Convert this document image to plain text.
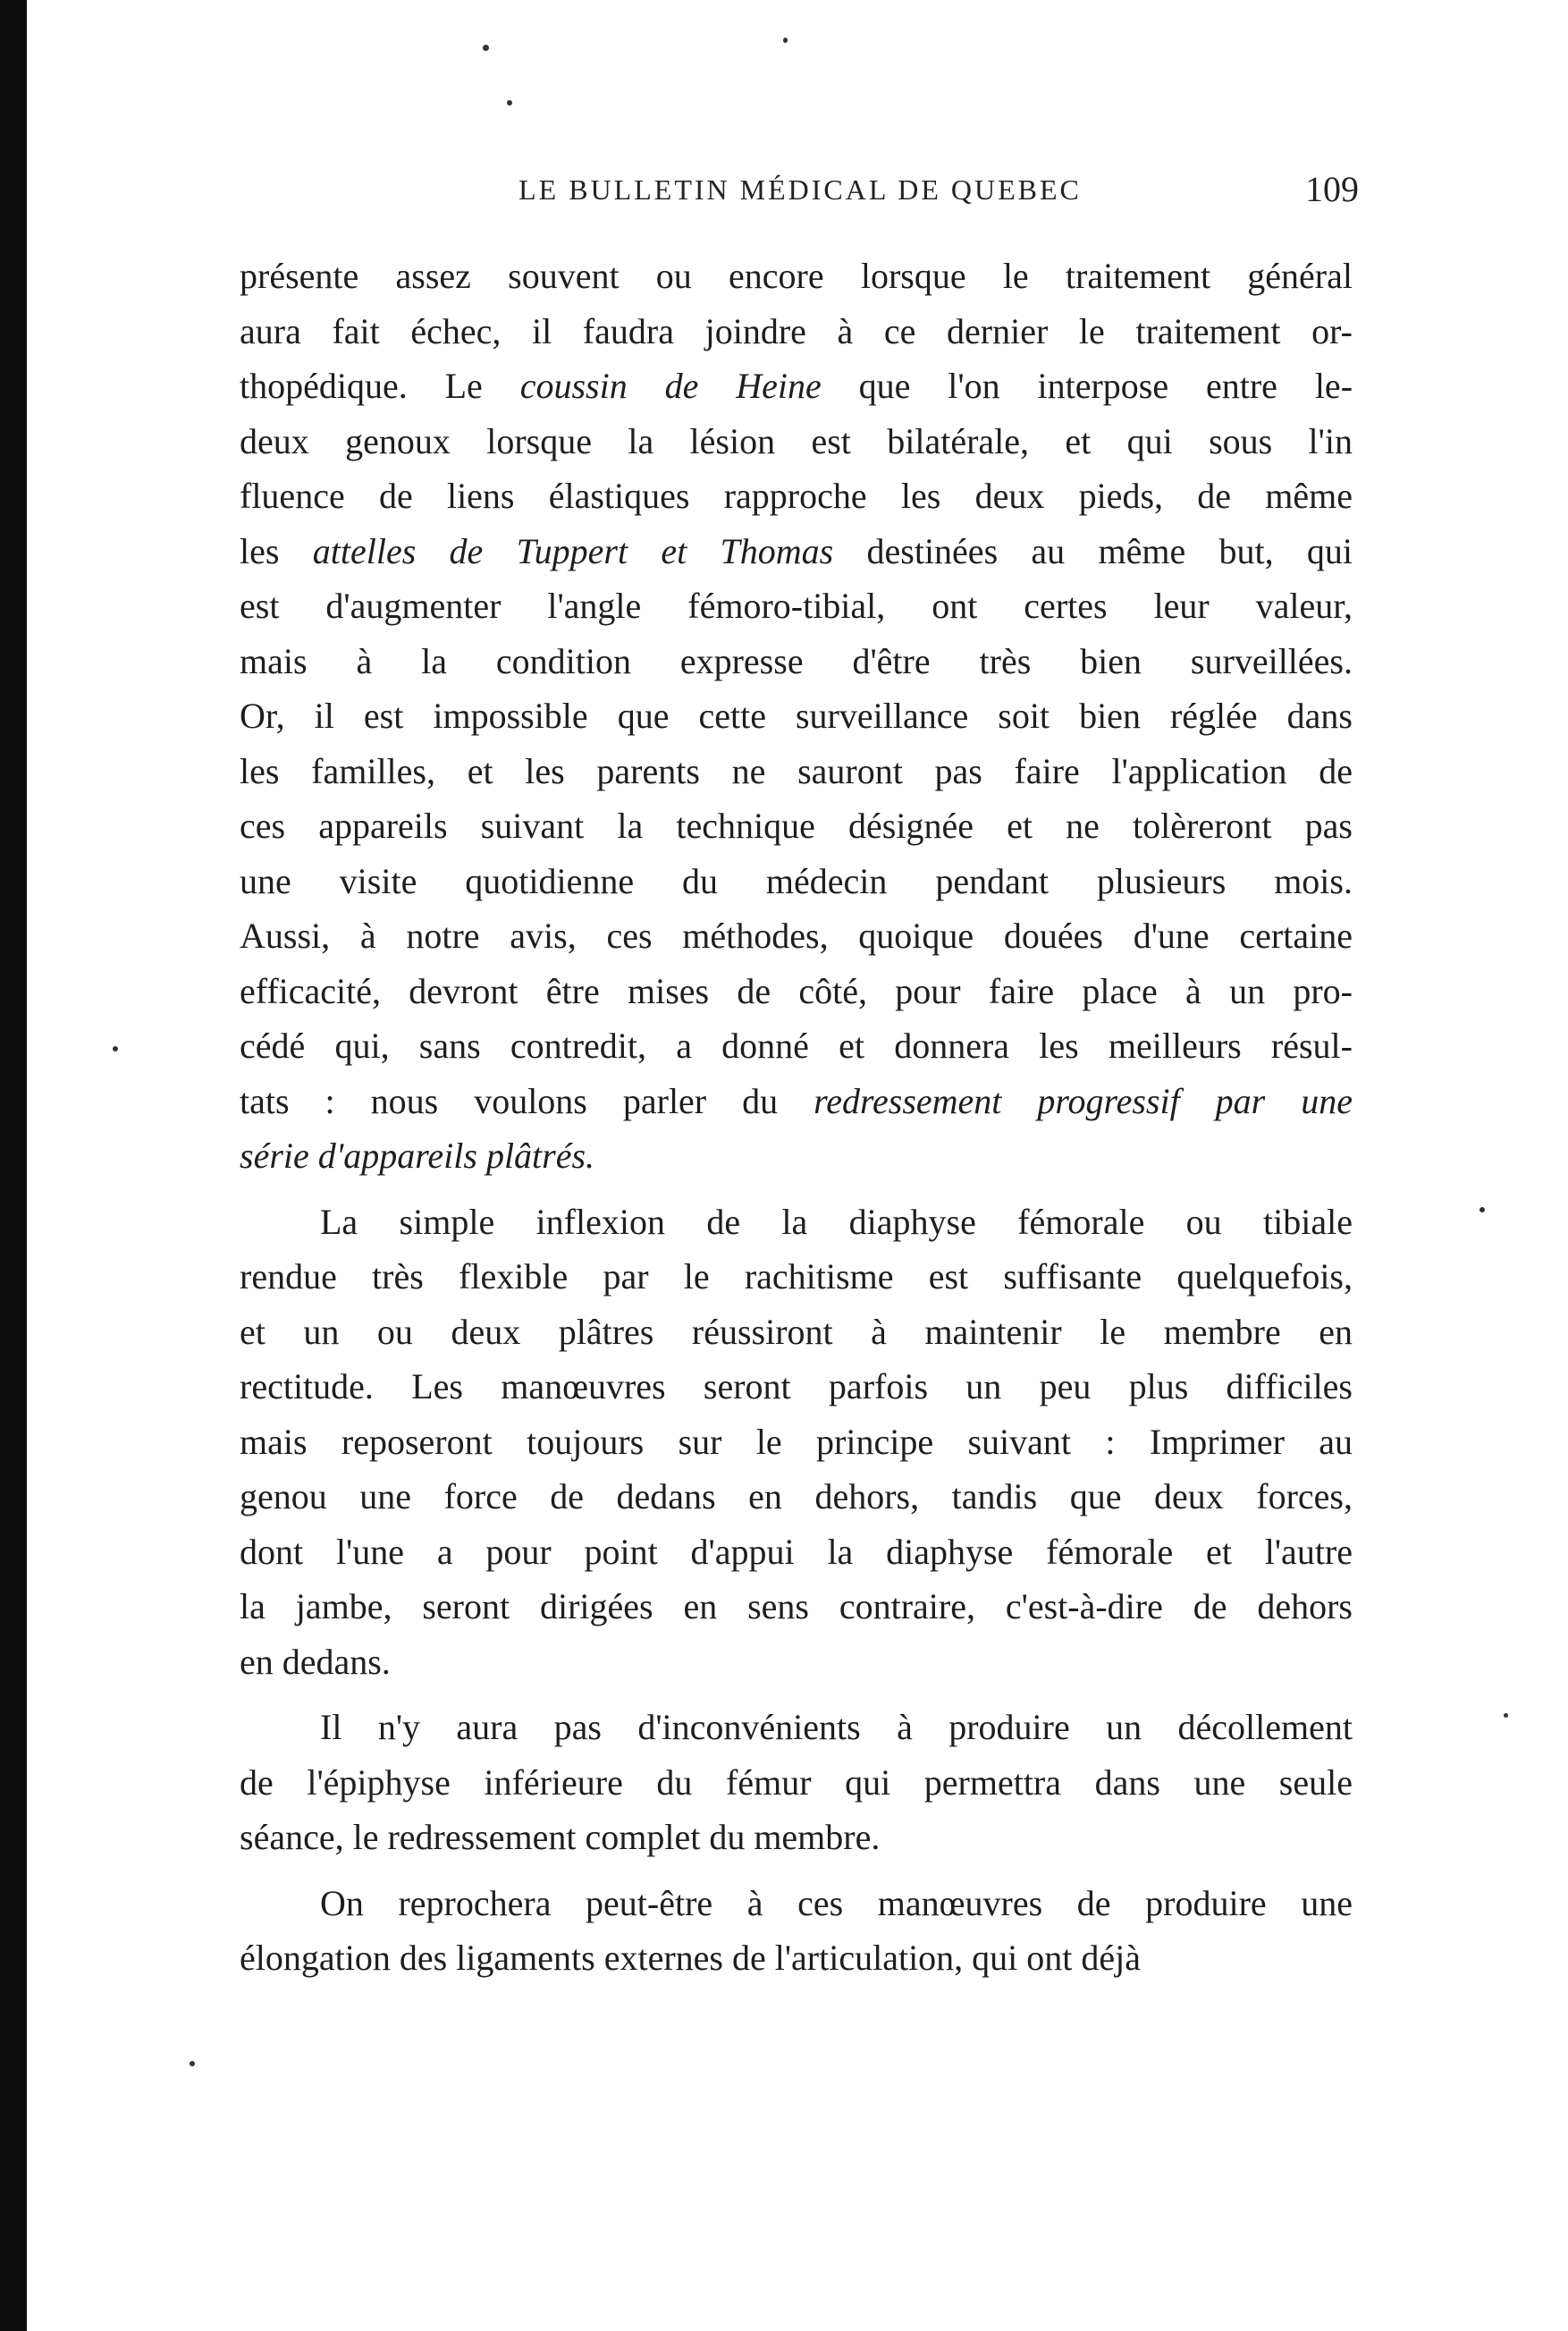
LE BULLETIN MÉDICAL DE QUEBEC	109
présente assez souvent ou encore lorsque le traitement général
aura fait échec, il faudra joindre à ce dernier le traitement or-
thopédique. Le coussin de Heine que l'on interpose entre le-
deux genoux lorsque la lésion est bilatérale, et qui sous l'in
fluence de liens élastiques rapproche les deux pieds, de même
les attelles de Tuppert et Thomas destinées au même but, qui
est d'augmenter l'angle fémoro-tibial, ont certes leur valeur,
mais à la condition expresse d'être très bien surveillées.
Or, il est impossible que cette surveillance soit bien réglée dans
les familles, et les parents ne sauront pas faire l'application de
ces appareils suivant la technique désignée et ne tolèreront pas
une visite quotidienne du médecin pendant plusieurs mois.
Aussi, à notre avis, ces méthodes, quoique douées d'une certaine
efficacité, devront être mises de côté, pour faire place à un pro-
cédé qui, sans contredit, a donné et donnera les meilleurs résul-
tats : nous voulons parler du redressement progressif par une
série d'appareils plâtrés.
La simple inflexion de la diaphyse fémorale ou tibiale
rendue très flexible par le rachitisme est suffisante quelquefois,
et un ou deux plâtres réussiront à maintenir le membre en
rectitude. Les manœuvres seront parfois un peu plus difficiles
mais reposeront toujours sur le principe suivant : Imprimer au
genou une force de dedans en dehors, tandis que deux forces,
dont l'une a pour point d'appui la diaphyse fémorale et l'autre
la jambe, seront dirigées en sens contraire, c'est-à-dire de dehors
en dedans.
Il n'y aura pas d'inconvénients à produire un décollement
de l'épiphyse inférieure du fémur qui permettra dans une seule
séance, le redressement complet du membre.
On reprochera peut-être à ces manœuvres de produire une
élongation des ligaments externes de l'articulation, qui ont déjà
